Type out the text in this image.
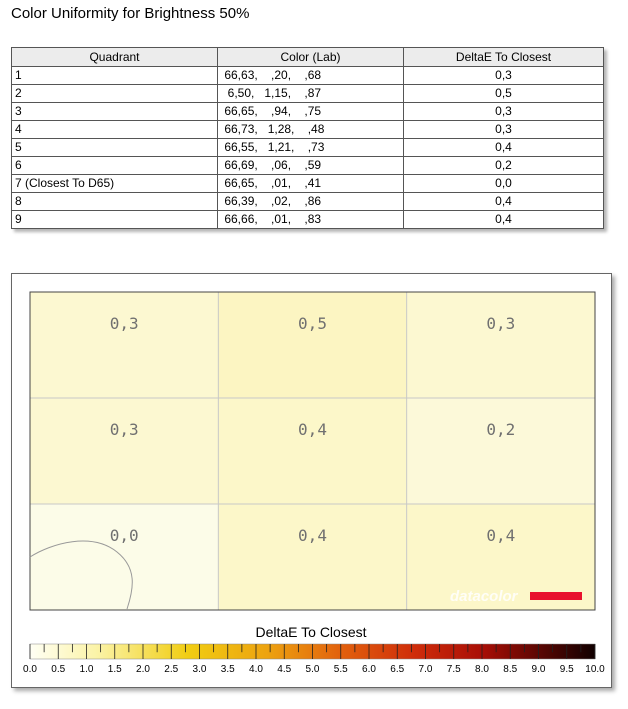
Color Uniformity for Brightness 50%
Quadrant	Color (Lab)	DeltaE To Closest
1	66,63,    ,20,    ,68	0,3
2	6,50,   1,15,    ,87	0,5
3	66,65,    ,94,    ,75	0,3
4	66,73,   1,28,    ,48	0,3
5	66,55,   1,21,    ,73	0,4
6	66,69,    ,06,    ,59	0,2
7 (Closest To D65)	66,65,    ,01,    ,41	0,0
8	66,39,    ,02,    ,86	0,4
9	66,66,    ,01,    ,83	0,4
0,3	0,5	0,3
0,3	0,4	0,2
0,0	0,4	0,4
datacolor
DeltaE To Closest
0.0 0.5 1.0 1.5 2.0 2.5 3.0 3.5 4.0 4.5 5.0 5.5 6.0 6.5 7.0 7.5 8.0 8.5 9.0 9.5 10.0
